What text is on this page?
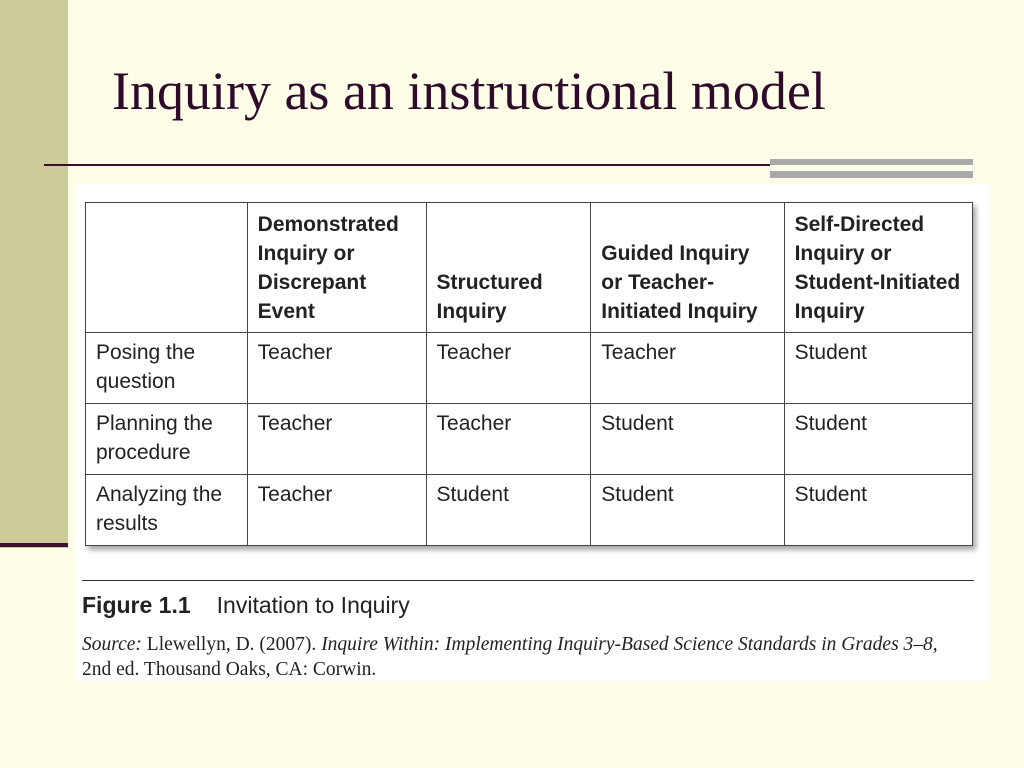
Inquiry as an instructional model
	Demonstrated Inquiry or Discrepant Event	Structured Inquiry	Guided Inquiry or Teacher-Initiated Inquiry	Self-Directed Inquiry or Student-Initiated Inquiry
Posing the question	Teacher	Teacher	Teacher	Student
Planning the procedure	Teacher	Teacher	Student	Student
Analyzing the results	Teacher	Student	Student	Student
Figure 1.1 Invitation to Inquiry
Source: Llewellyn, D. (2007). Inquire Within: Implementing Inquiry-Based Science Standards in Grades 3–8,
2nd ed. Thousand Oaks, CA: Corwin.
